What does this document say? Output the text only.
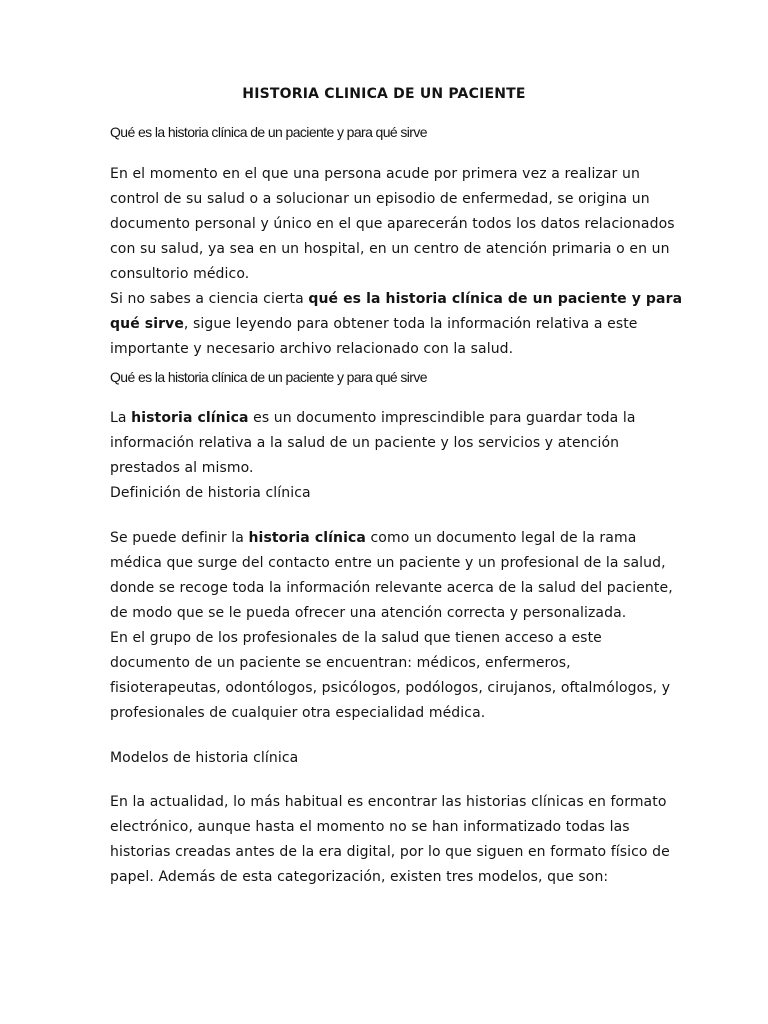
HISTORIA CLINICA DE UN PACIENTE
Qué es la historia clínica de un paciente y para qué sirve
En el momento en el que una persona acude por primera vez a realizar un
control de su salud o a solucionar un episodio de enfermedad, se origina un
documento personal y único en el que aparecerán todos los datos relacionados
con su salud, ya sea en un hospital, en un centro de atención primaria o en un
consultorio médico.
Si no sabes a ciencia cierta qué es la historia clínica de un paciente y para
qué sirve, sigue leyendo para obtener toda la información relativa a este
importante y necesario archivo relacionado con la salud.
Qué es la historia clínica de un paciente y para qué sirve
La historia clínica es un documento imprescindible para guardar toda la
información relativa a la salud de un paciente y los servicios y atención
prestados al mismo.
Definición de historia clínica
Se puede definir la historia clínica como un documento legal de la rama
médica que surge del contacto entre un paciente y un profesional de la salud,
donde se recoge toda la información relevante acerca de la salud del paciente,
de modo que se le pueda ofrecer una atención correcta y personalizada.
En el grupo de los profesionales de la salud que tienen acceso a este
documento de un paciente se encuentran: médicos, enfermeros,
fisioterapeutas, odontólogos, psicólogos, podólogos, cirujanos, oftalmólogos, y
profesionales de cualquier otra especialidad médica.
Modelos de historia clínica
En la actualidad, lo más habitual es encontrar las historias clínicas en formato
electrónico, aunque hasta el momento no se han informatizado todas las
historias creadas antes de la era digital, por lo que siguen en formato físico de
papel. Además de esta categorización, existen tres modelos, que son:
